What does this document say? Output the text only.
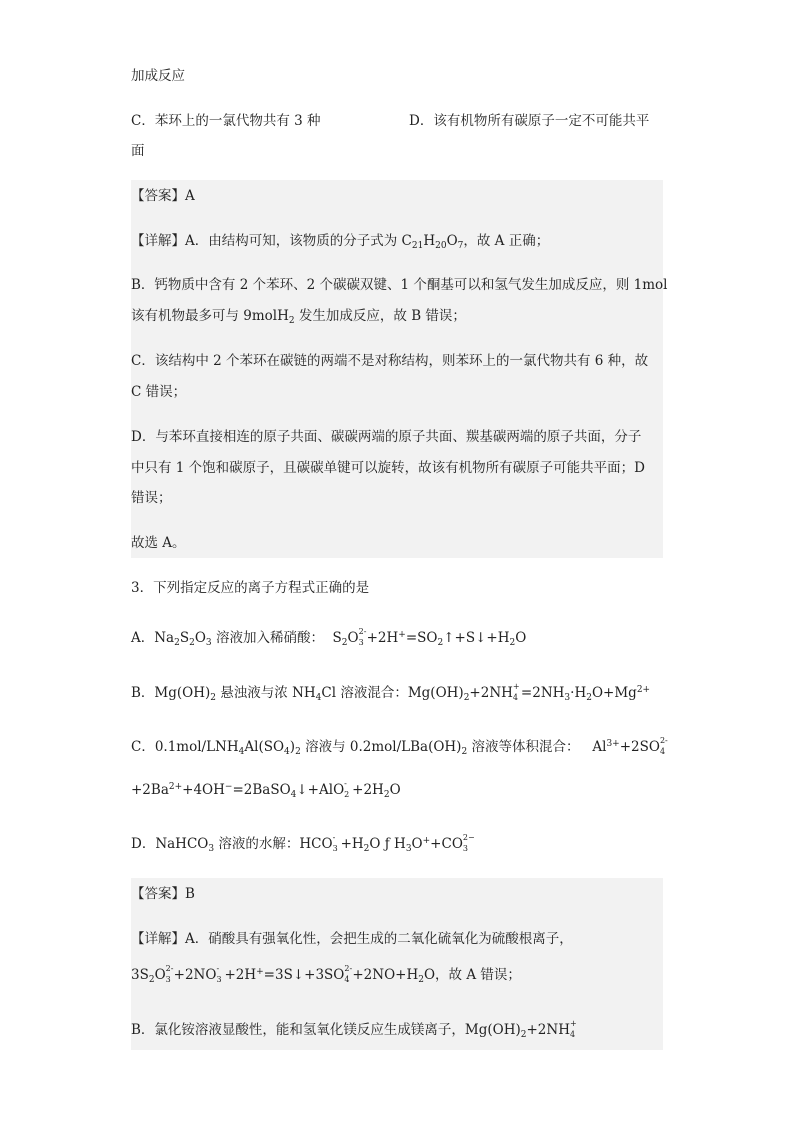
加成反应
C．苯环上的一氯代物共有 3 种	D．该有机物所有碳原子一定不可能共平
面
【答案】A
【详解】A．由结构可知，该物质的分子式为 $C_{21}H_{20}O_7$，故 A 正确；
B．钙物质中含有 2 个苯环、2 个碳碳双键、1 个酮基可以和氢气发生加成反应，则 1mol
该有机物最多可与 9molH$_2$ 发生加成反应，故 B 错误；
C．该结构中 2 个苯环在碳链的两端不是对称结构，则苯环上的一氯代物共有 6 种，故
C 错误；
D．与苯环直接相连的原子共面、碳碳两端的原子共面、羰基碳两端的原子共面，分子
中只有 1 个饱和碳原子，且碳碳单键可以旋转，故该有机物所有碳原子可能共平面；D
错误；
故选 A。
3．下列指定反应的离子方程式正确的是
A．$Na_2S_2O_3$ 溶液加入稀硝酸： $S_2O$ 2-
$3 +2H^+=SO_2↑+S↓+H_2O$
B．$Mg(OH)_2$ 悬浊液与浓 $NH_4Cl$ 溶液混合：$Mg(OH)_2+2NH$ +
$4 =2NH_3\cdot H_2O+Mg^{2+}$
C．$0.1mol/LNH_4Al(SO_4)_2$ 溶液与 $0.2mol/LBa(OH)_2$ 溶液等体积混合： $Al^{3+}+2SO$ 2-
4
$+2Ba^{2+}+4OH^-=2BaSO_4↓+AlO$ -
$2 +2H_2O$
D．NaHCO$_3$ 溶液的水解：HCO -
$3 +H_2O$ ƒ $H_3O^++CO$ 2−
3
【答案】B
【详解】A．硝酸具有强氧化性，会把生成的二氧化硫氧化为硫酸根离子，
$3S_2O$ 2-
3 +2NO -
3 +2H+=3S↓+3SO 2-
$4 +2NO+H_2O$，故 A 错误；
B．氯化铵溶液显酸性，能和氢氧化镁反应生成镁离子，$Mg(OH)_2+2NH$ +
4
